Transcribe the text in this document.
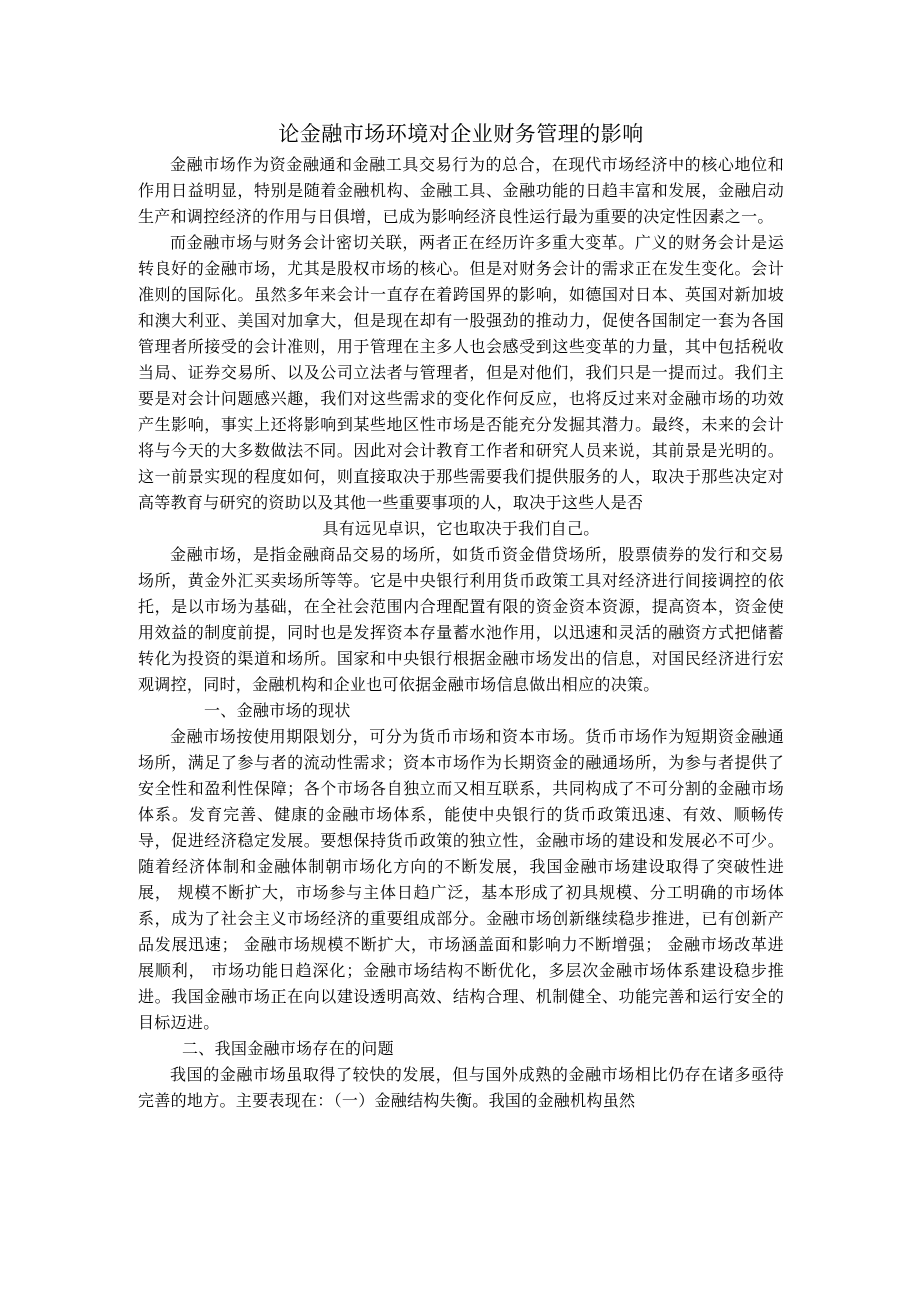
论金融市场环境对企业财务管理的影响

金融市场作为资金融通和金融工具交易行为的总合，在现代市场经济中的核心地位和作用日益明显，特别是随着金融机构、金融工具、金融功能的日趋丰富和发展，金融启动生产和调控经济的作用与日俱增，已成为影响经济良性运行最为重要的决定性因素之一。

而金融市场与财务会计密切关联，两者正在经历许多重大变革。广义的财务会计是运转良好的金融市场，尤其是股权市场的核心。但是对财务会计的需求正在发生变化。会计准则的国际化。虽然多年来会计一直存在着跨国界的影响，如德国对日本、英国对新加坡和澳大利亚、美国对加拿大，但是现在却有一股强劲的推动力，促使各国制定一套为各国管理者所接受的会计准则，用于管理在主多人也会感受到这些变革的力量，其中包括税收当局、证券交易所、以及公司立法者与管理者，但是对他们，我们只是一提而过。我们主要是对会计问题感兴趣，我们对这些需求的变化作何反应，也将反过来对金融市场的功效产生影响，事实上还将影响到某些地区性市场是否能充分发掘其潜力。最终，未来的会计将与今天的大多数做法不同。因此对会计教育工作者和研究人员来说，其前景是光明的。这一前景实现的程度如何，则直接取决于那些需要我们提供服务的人，取决于那些决定对高等教育与研究的资助以及其他一些重要事项的人，取决于这些人是否

具有远见卓识，它也取决于我们自己。

金融市场，是指金融商品交易的场所，如货币资金借贷场所，股票债券的发行和交易场所，黄金外汇买卖场所等等。它是中央银行利用货币政策工具对经济进行间接调控的依托，是以市场为基础，在全社会范围内合理配置有限的资金资本资源，提高资本，资金使用效益的制度前提，同时也是发挥资本存量蓄水池作用，以迅速和灵活的融资方式把储蓄转化为投资的渠道和场所。国家和中央银行根据金融市场发出的信息，对国民经济进行宏观调控，同时，金融机构和企业也可依据金融市场信息做出相应的决策。

一、金融市场的现状

金融市场按使用期限划分，可分为货币市场和资本市场。货币市场作为短期资金融通场所，满足了参与者的流动性需求；资本市场作为长期资金的融通场所，为参与者提供了安全性和盈利性保障；各个市场各自独立而又相互联系，共同构成了不可分割的金融市场体系。发育完善、健康的金融市场体系，能使中央银行的货币政策迅速、有效、顺畅传导，促进经济稳定发展。要想保持货币政策的独立性，金融市场的建设和发展必不可少。随着经济体制和金融体制朝市场化方向的不断发展，我国金融市场建设取得了突破性进展， 规模不断扩大，市场参与主体日趋广泛，基本形成了初具规模、分工明确的市场体系，成为了社会主义市场经济的重要组成部分。金融市场创新继续稳步推进，已有创新产品发展迅速； 金融市场规模不断扩大，市场涵盖面和影响力不断增强； 金融市场改革进展顺利， 市场功能日趋深化；金融市场结构不断优化，多层次金融市场体系建设稳步推进。我国金融市场正在向以建设透明高效、结构合理、机制健全、功能完善和运行安全的目标迈进。

二、我国金融市场存在的问题

我国的金融市场虽取得了较快的发展，但与国外成熟的金融市场相比仍存在诸多亟待完善的地方。主要表现在：（一）金融结构失衡。我国的金融机构虽然
